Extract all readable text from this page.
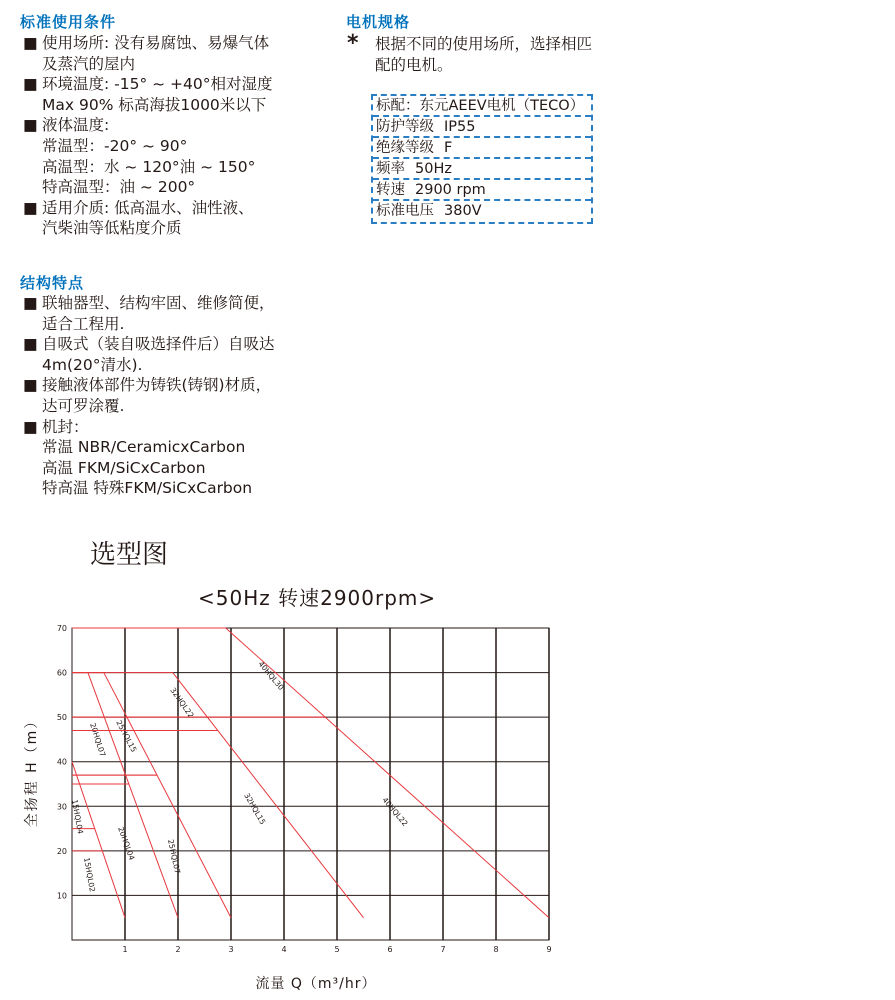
标准使用条件
■ 使用场所: 没有易腐蚀、易爆气体
及蒸汽的屋内
■ 环境温度: -15° ~ +40°相对湿度
Max 90% 标高海拔1000米以下
■ 液体温度:
常温型：-20° ~ 90°
高温型：水 ~ 120°油 ~ 150°
特高温型：油 ~ 200°
■ 适用介质: 低高温水、油性液、
汽柴油等低粘度介质
结构特点
■ 联轴器型、结构牢固、维修简便，
适合工程用.
■ 自吸式（装自吸选择件后）自吸达
4m(20°清水).
■ 接触液体部件为铸铁(铸钢)材质，
达可罗涂覆.
■ 机封：
常温 NBR/CeramicxCarbon
高温 FKM/SiCxCarbon
特高温 特殊FKM/SiCxCarbon
电机规格
*	根据不同的使用场所，选择相匹配的电机。
标配：东元AEEV电机（TECO）
防护等级 IP55
绝缘等级 F
频率 50Hz
转速 2900 rpm
标准电压 380V
选型图
<50Hz 转速2900rpm>
10
20
30
40
50
60
70
1	2	3	4	5	6	7	8	9
流量 Q（m³/hr）
全扬程 H（m）
15HQL02
15HQL04
20HQL04
20HQL07
25HQL07
25HQL15
32HQL15
32HQL22
40HQL22
40HQL30
